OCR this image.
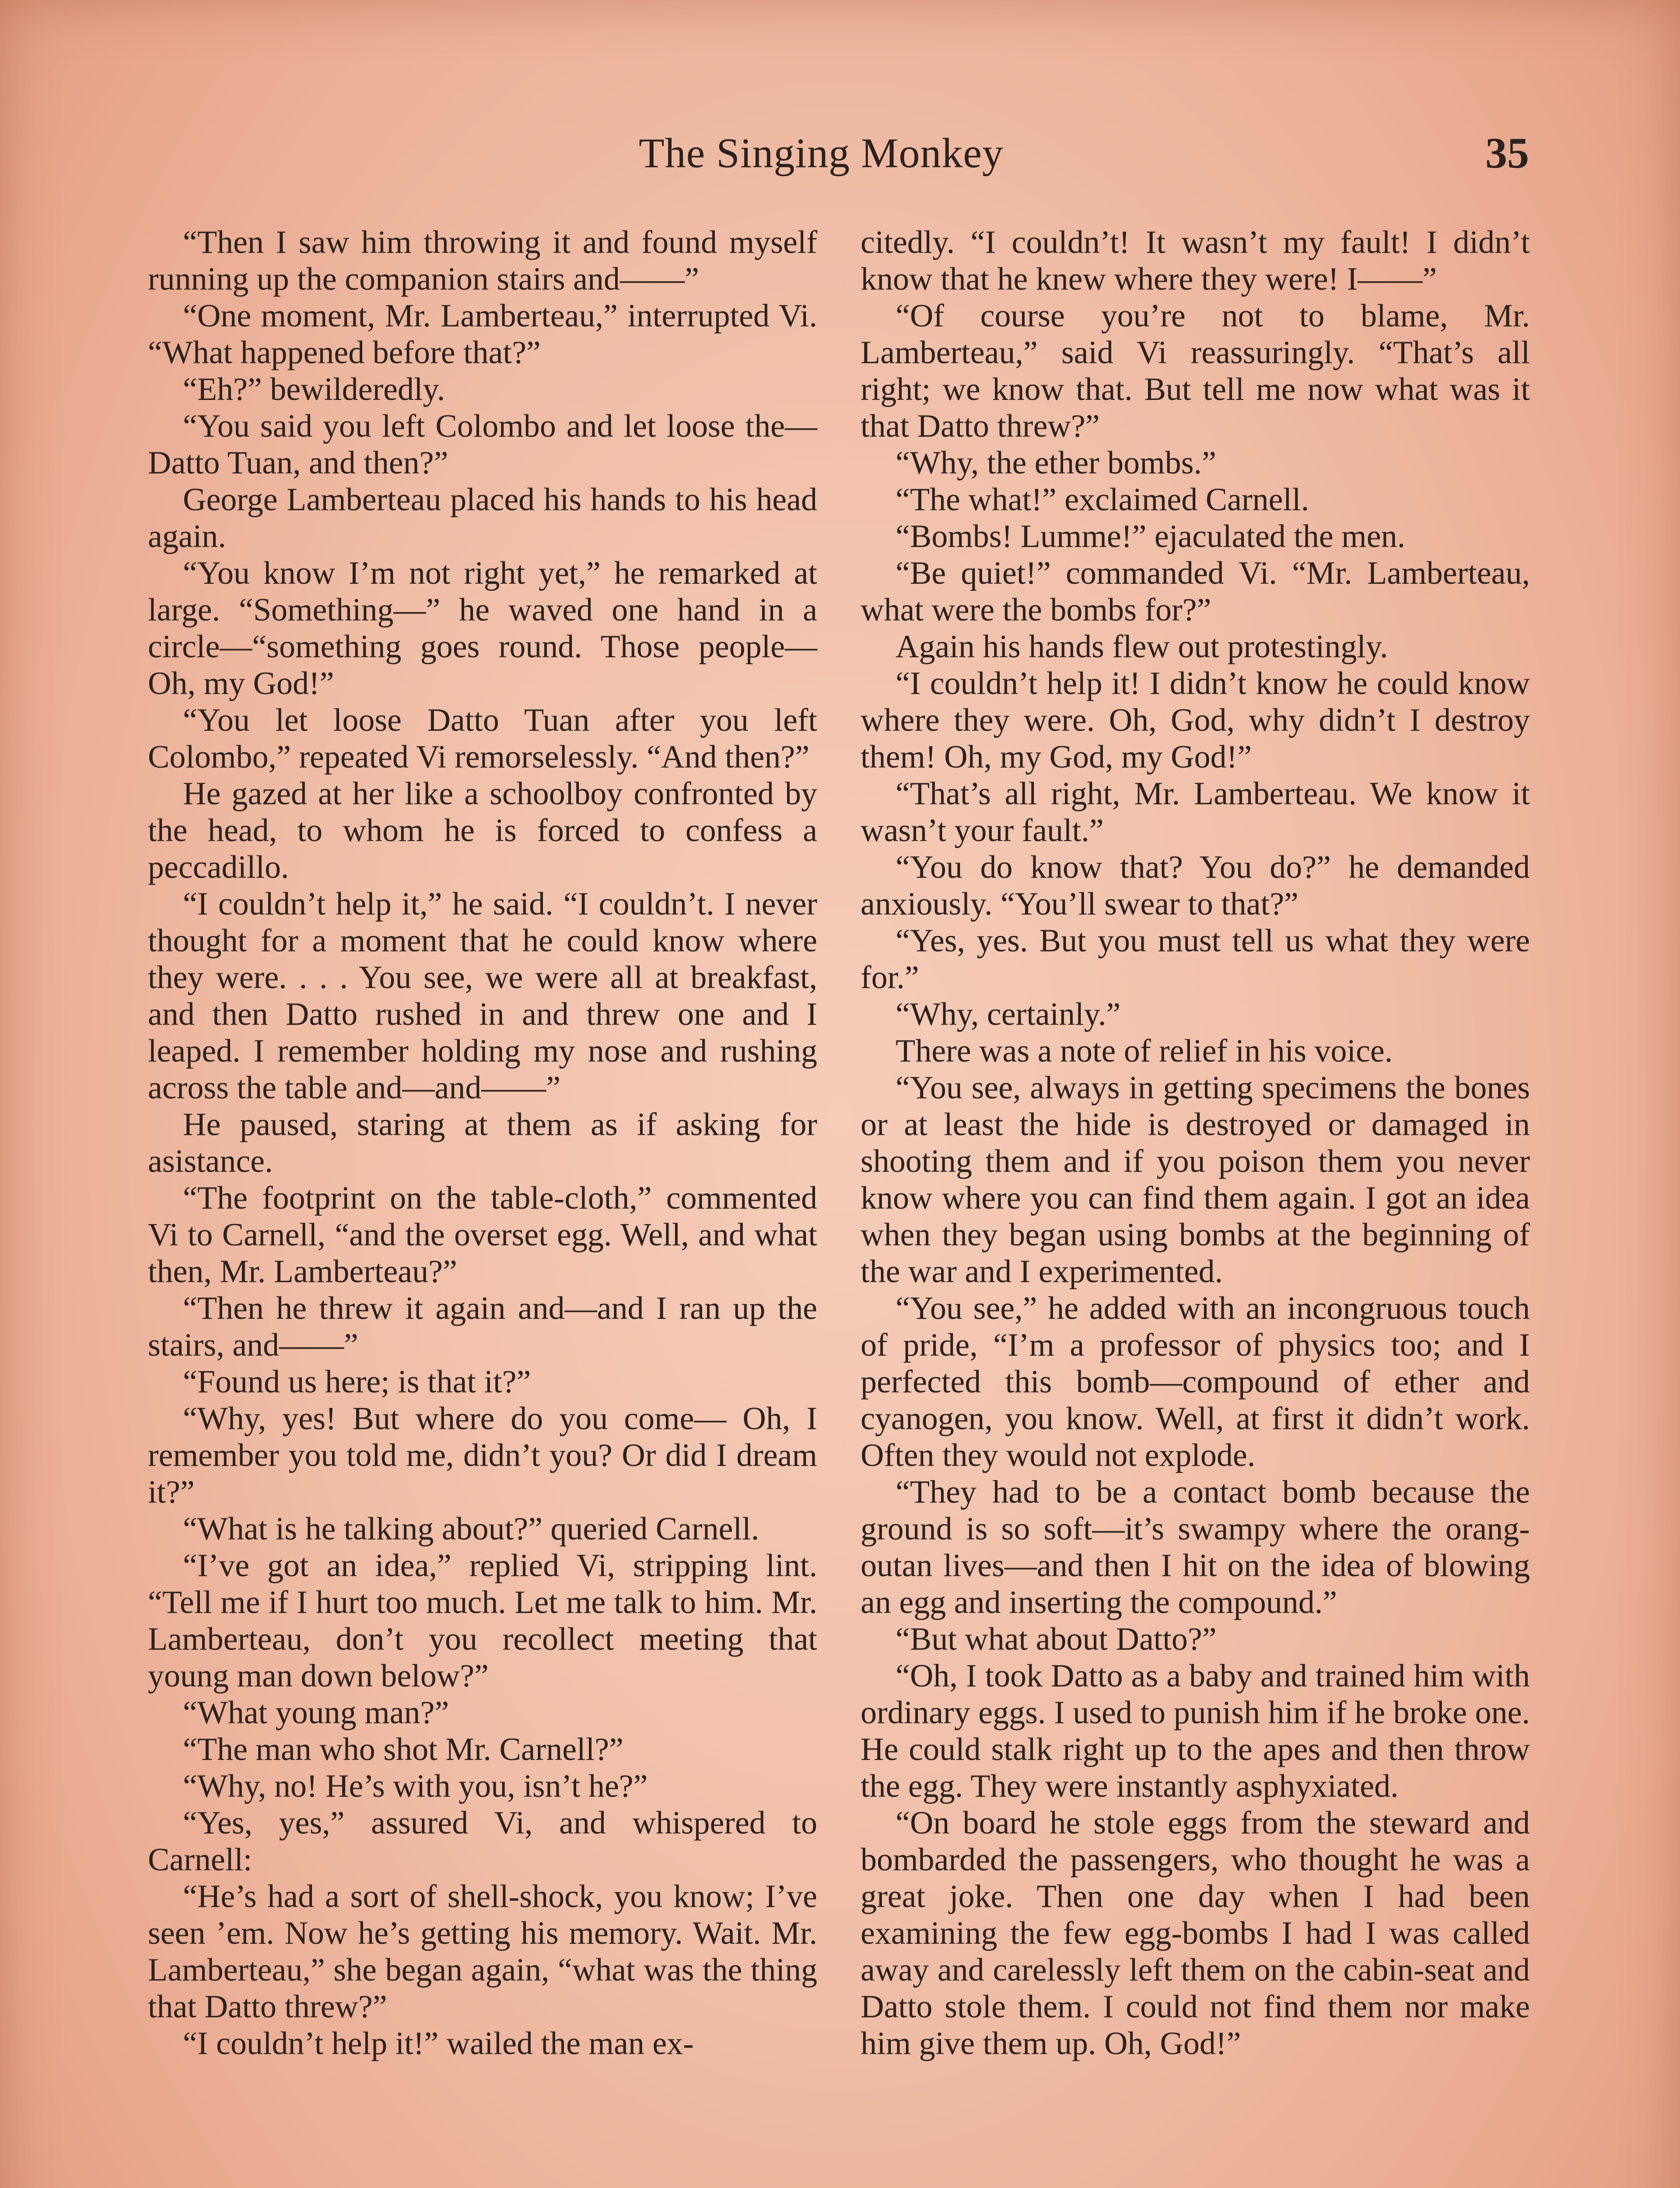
The Singing Monkey	35

“Then I saw him throwing it and found myself running up the companion stairs and——”

“One moment, Mr. Lamberteau,” interrupted Vi. “What happened before that?”

“Eh?” bewilderedly.

“You said you left Colombo and let loose the—Datto Tuan, and then?”

George Lamberteau placed his hands to his head again.

“You know I’m not right yet,” he remarked at large. “Something—” he waved one hand in a circle—“something goes round. Those people— Oh, my God!”

“You let loose Datto Tuan after you left Colombo,” repeated Vi remorselessly. “And then?”

He gazed at her like a schoolboy confronted by the head, to whom he is forced to confess a peccadillo.

“I couldn’t help it,” he said. “I couldn’t. I never thought for a moment that he could know where they were. . . . You see, we were all at breakfast, and then Datto rushed in and threw one and I leaped. I remember holding my nose and rushing across the table and—and——”

He paused, staring at them as if asking for asistance.

“The footprint on the table-cloth,” commented Vi to Carnell, “and the overset egg. Well, and what then, Mr. Lamberteau?”

“Then he threw it again and—and I ran up the stairs, and——”

“Found us here; is that it?”

“Why, yes! But where do you come— Oh, I remember you told me, didn’t you? Or did I dream it?”

“What is he talking about?” queried Carnell.

“I’ve got an idea,” replied Vi, stripping lint. “Tell me if I hurt too much. Let me talk to him. Mr. Lamberteau, don’t you recollect meeting that young man down below?”

“What young man?”

“The man who shot Mr. Carnell?”

“Why, no! He’s with you, isn’t he?”

“Yes, yes,” assured Vi, and whispered to Carnell:

“He’s had a sort of shell-shock, you know; I’ve seen ’em. Now he’s getting his memory. Wait. Mr. Lamberteau,” she began again, “what was the thing that Datto threw?”

“I couldn’t help it!” wailed the man ex-

citedly. “I couldn’t! It wasn’t my fault! I didn’t know that he knew where they were! I——”

“Of course you’re not to blame, Mr. Lamberteau,” said Vi reassuringly. “That’s all right; we know that. But tell me now what was it that Datto threw?”

“Why, the ether bombs.”

“The what!” exclaimed Carnell.

“Bombs! Lumme!” ejaculated the men.

“Be quiet!” commanded Vi. “Mr. Lamberteau, what were the bombs for?”

Again his hands flew out protestingly.

“I couldn’t help it! I didn’t know he could know where they were. Oh, God, why didn’t I destroy them! Oh, my God, my God!”

“That’s all right, Mr. Lamberteau. We know it wasn’t your fault.”

“You do know that? You do?” he demanded anxiously. “You’ll swear to that?”

“Yes, yes. But you must tell us what they were for.”

“Why, certainly.”

There was a note of relief in his voice.

“You see, always in getting specimens the bones or at least the hide is destroyed or damaged in shooting them and if you poison them you never know where you can find them again. I got an idea when they began using bombs at the beginning of the war and I experimented.

“You see,” he added with an incongruous touch of pride, “I’m a professor of physics too; and I perfected this bomb—compound of ether and cyanogen, you know. Well, at first it didn’t work. Often they would not explode.

“They had to be a contact bomb because the ground is so soft—it’s swampy where the orang-outan lives—and then I hit on the idea of blowing an egg and inserting the compound.”

“But what about Datto?”

“Oh, I took Datto as a baby and trained him with ordinary eggs. I used to punish him if he broke one. He could stalk right up to the apes and then throw the egg. They were instantly asphyxiated.

“On board he stole eggs from the steward and bombarded the passengers, who thought he was a great joke. Then one day when I had been examining the few egg-bombs I had I was called away and carelessly left them on the cabin-seat and Datto stole them. I could not find them nor make him give them up. Oh, God!”
